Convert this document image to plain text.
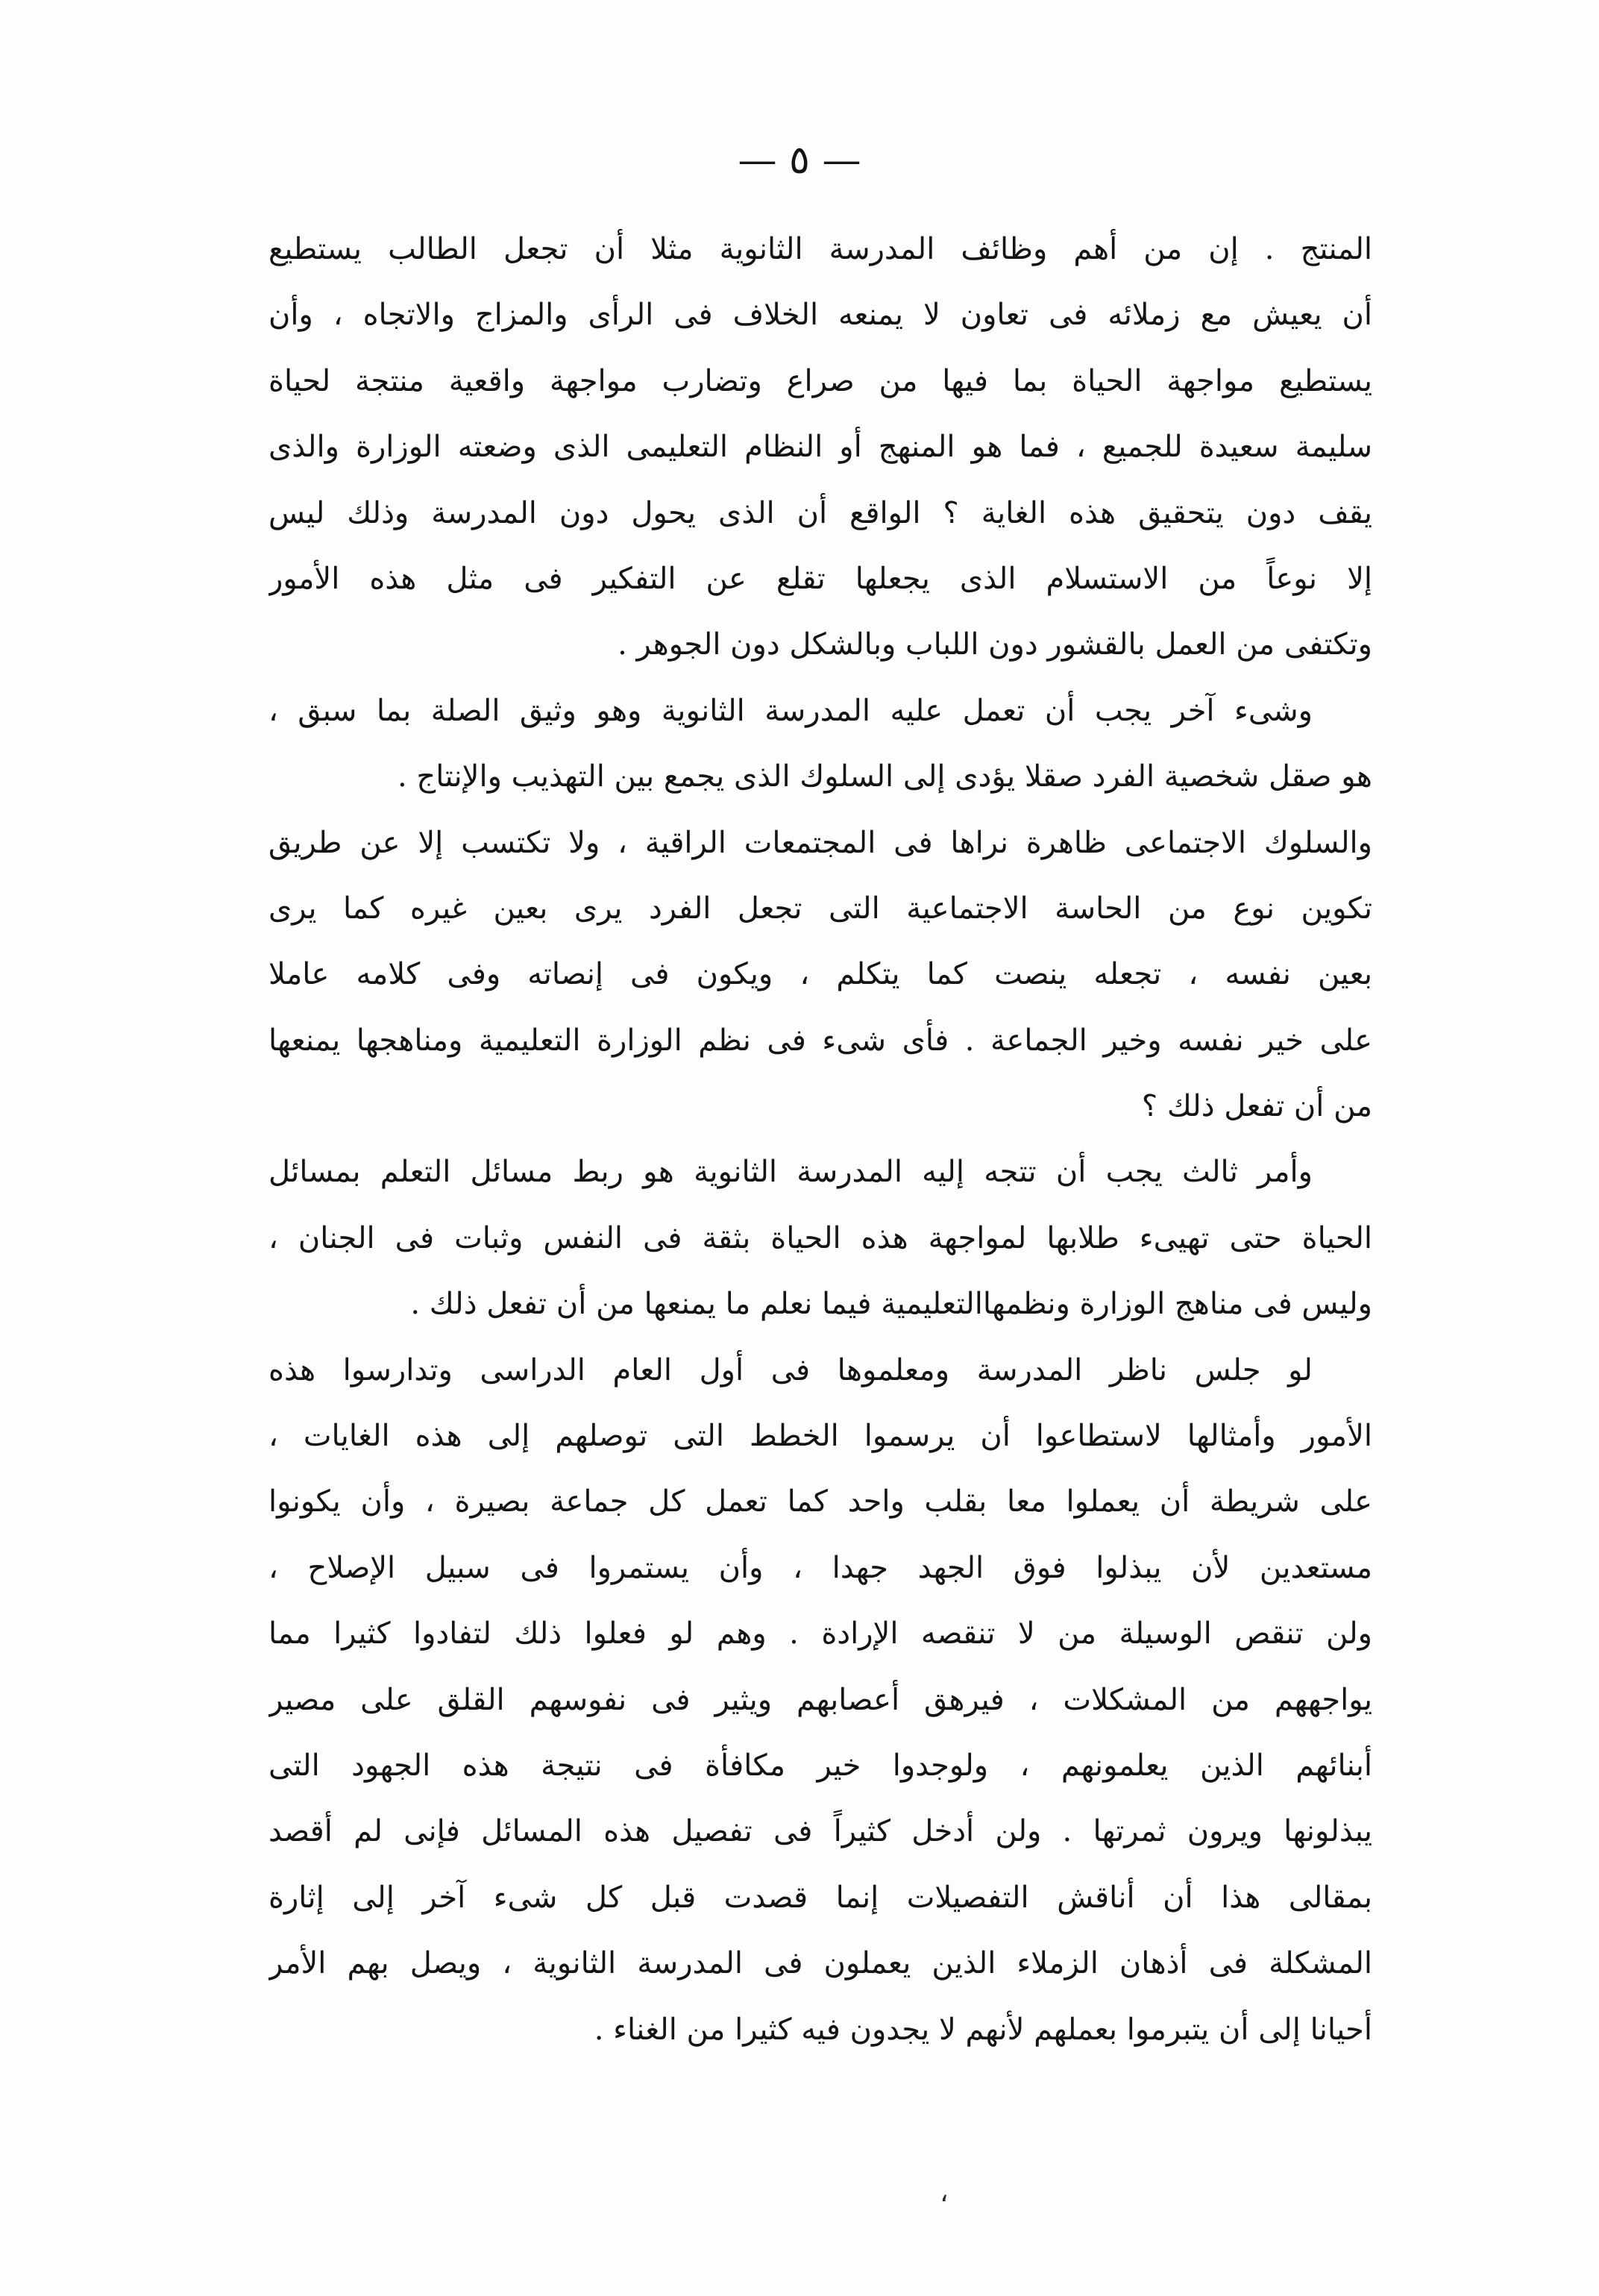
— ٥ —
المنتج . إن من أهم وظائف المدرسة الثانوية مثلا أن تجعل الطالب يستطيع
أن يعيش مع زملائه فى تعاون لا يمنعه الخلاف فى الرأى والمزاج والاتجاه ، وأن
يستطيع مواجهة الحياة بما فيها من صراع وتضارب مواجهة واقعية منتجة لحياة
سليمة سعيدة للجميع ، فما هو المنهج أو النظام التعليمى الذى وضعته الوزارة والذى
يقف دون يتحقيق هذه الغاية ؟ الواقع أن الذى يحول دون المدرسة وذلك ليس
إلا نوعاً من الاستسلام الذى يجعلها تقلع عن التفكير فى مثل هذه الأمور
وتكتفى من العمل بالقشور دون اللباب وبالشكل دون الجوهر .
وشىء آخر يجب أن تعمل عليه المدرسة الثانوية وهو وثيق الصلة بما سبق ،
هو صقل شخصية الفرد صقلا يؤدى إلى السلوك الذى يجمع بين التهذيب والإنتاج .
والسلوك الاجتماعى ظاهرة نراها فى المجتمعات الراقية ، ولا تكتسب إلا عن طريق
تكوين نوع من الحاسة الاجتماعية التى تجعل الفرد يرى بعين غيره كما يرى
بعين نفسه ، تجعله ينصت كما يتكلم ، ويكون فى إنصاته وفى كلامه عاملا
على خير نفسه وخير الجماعة . فأى شىء فى نظم الوزارة التعليمية ومناهجها يمنعها
من أن تفعل ذلك ؟
وأمر ثالث يجب أن تتجه إليه المدرسة الثانوية هو ربط مسائل التعلم بمسائل
الحياة حتى تهيىء طلابها لمواجهة هذه الحياة بثقة فى النفس وثبات فى الجنان ،
وليس فى مناهج الوزارة ونظمهاالتعليمية فيما نعلم ما يمنعها من أن تفعل ذلك .
لو جلس ناظر المدرسة ومعلموها فى أول العام الدراسى وتدارسوا هذه
الأمور وأمثالها لاستطاعوا أن يرسموا الخطط التى توصلهم إلى هذه الغايات ،
على شريطة أن يعملوا معا بقلب واحد كما تعمل كل جماعة بصيرة ، وأن يكونوا
مستعدين لأن يبذلوا فوق الجهد جهدا ، وأن يستمروا فى سبيل الإصلاح ،
ولن تنقص الوسيلة من لا تنقصه الإرادة . وهم لو فعلوا ذلك لتفادوا كثيرا مما
يواجههم من المشكلات ، فيرهق أعصابهم ويثير فى نفوسهم القلق على مصير
أبنائهم الذين يعلمونهم ، ولوجدوا خير مكافأة فى نتيجة هذه الجهود التى
يبذلونها ويرون ثمرتها . ولن أدخل كثيراً فى تفصيل هذه المسائل فإنى لم أقصد
بمقالى هذا أن أناقش التفصيلات إنما قصدت قبل كل شىء آخر إلى إثارة
المشكلة فى أذهان الزملاء الذين يعملون فى المدرسة الثانوية ، ويصل بهم الأمر
أحيانا إلى أن يتبرموا بعملهم لأنهم لا يجدون فيه كثيرا من الغناء .
،
